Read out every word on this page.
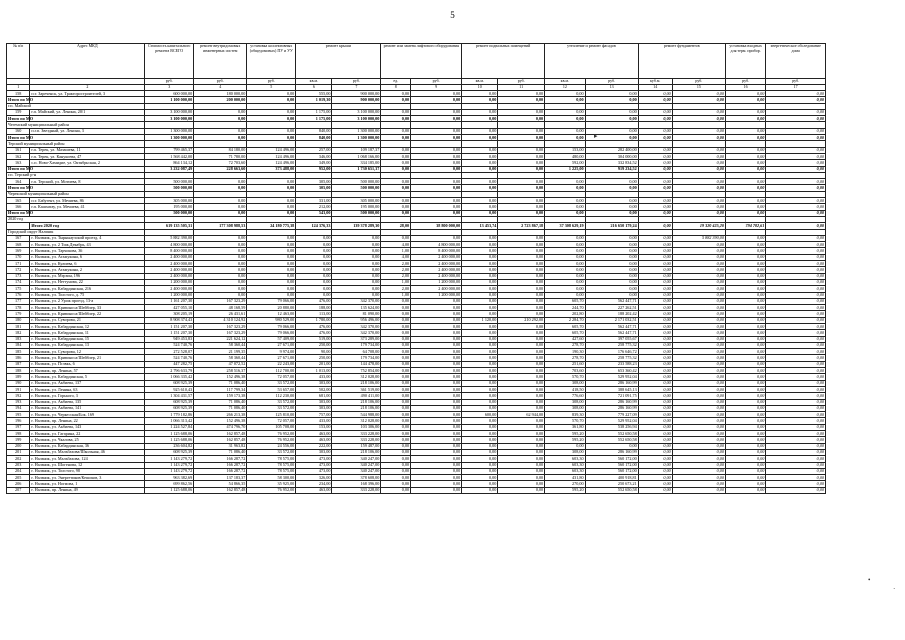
5
№ п/п	Адрес МКД	Стоимость капитального ремонта ВСЕГО	ремонт внутридомовых инженерных систем	установка коллективных (общедомовых) ПУ и УУ	ремонт крыши		ремонт или замена лифтового оборудования		ремонт подвальных помещений		утепление и ремонт фасадов		ремонт фундаментов		установка входных для терм. прибор.	энергетическое обследование дома
		руб.	руб.	руб.	кв.м.	руб.	ед.	руб.	кв.м.	руб.	кв.м.	руб.	куб.м.	руб.	руб.	руб.
1	2	3	4	5	6	7	8	9	10	11	12	13	14	15	16	17
158	п.т. Зареченск, ул. Тракторостроителей, 3	600 000,00	180 000,00	0,00	555,00	900 000,00	0,00	0,00	0,00	0,00	0,00	0,00	0,00	0,00	0,00	0,00
Итого по МО		1 100 000,00	200 000,00	0,00	1 019,30	900 000,00	0,00	0,00	0,00	0,00	0,00	0,00	0,00	0,00	0,00	0,00
г.п. Майский																
159	г.п. Майский, ул. Ленина, 20/1	3 100 000,00	0,00	0,00	1 175,00	3 100 000,00	0,00	0,00	0,00	0,00	0,00	0,00	0,00	0,00	0,00	0,00
Итого по МО		3 100 000,00	0,00	0,00	1 175,00	3 100 000,00	0,00	0,00	0,00	0,00	0,00	0,00	0,00	0,00	0,00	0,00
Чегемский муниципальный район																
160	п.г.п. Звездный, ул. Ленина, 3	1 300 000,00	0,00	0,00	840,00	1 300 000,00	0,00	0,00	0,00	0,00	0,00	0,00	0,00	0,00	0,00	0,00
Итого по МО		1 300 000,00	0,00	0,00	840,00	1 300 000,00	0,00	0,00	0,00	0,00	0,00	0,00	0,00	0,00	0,00	0,00
Терский муниципальный район																
161	г.п. Терек, ул. Мазашева, 11	799 465,37	84 180,00	124 496,00	257,00	109 187,37	0,00	0,00	0,00	0,00	153,00	282 400,00	0,00	0,00	0,00	0,00
162	г.п. Терек, ул. Канукоева, 47	1 568 442,00	71 780,00	124 496,00	346,00	1 068 166,00	0,00	0,00	0,00	0,00	480,00	304 000,00	0,00	0,00	0,00	0,00
163	с.п. Ново-Хамидие, ул. Октябрьская, 2	864 134,12	72 703,60	124 496,00	349,00	334 185,00	0,00	0,00	0,00	0,00	592,00	332 834,52	0,00	0,00	0,00	0,00
Итого по МО		3 232 087,49	228 663,60	373 488,00	952,00	1 730 651,37	0,00	0,00	0,00	0,00	1 225,00	919 234,52	0,00	0,00	0,00	0,00
г.п. Терский р-н																
164	г.п. Терский, ул. Мотиева, 8	500 000,00	0,00	0,00	305,00	500 000,00	0,00	0,00	0,00	0,00	0,00	0,00	0,00	0,00	0,00	0,00
Итого по МО		500 000,00	0,00	0,00	305,00	500 000,00	0,00	0,00	0,00	0,00	0,00	0,00	0,00	0,00	0,00	0,00
Черекский муниципальный район																
165	п.т. Бабугент, ул. Мечиева, 86	305 000,00	0,00	0,00	331,00	305 000,00	0,00	0,00	0,00	0,00	0,00	0,00	0,00	0,00	0,00	0,00
166	г.п. Кашхатау, ул. Мечиева, 41	195 000,00	0,00	0,00	212,00	195 000,00	0,00	0,00	0,00	0,00	0,00	0,00	0,00	0,00	0,00	0,00
Итого по МО		500 000,00	0,00	0,00	543,00	500 000,00	0,00	0,00	0,00	0,00	0,00	0,00	0,00	0,00	0,00	0,00
2020 год																
	Итого 2020 год	619 135 505,31	177 308 988,53	24 180 775,38	124 376,33	139 378 289,30	28,00	38 800 000,00	13 453,74	2 723 867,18	37 308 629,19	216 650 179,24	0,00	19 320 425,20	794 782,61	0,00
Городской округ Нальчик																
167	г. Нальчик, ул. Тырныаузский проезд, 4	5 882 390,00	0,00	0,00	0,00	0,00	0,00	0,00	0,00	0,00	0,00	0,00	0,00	5 882 390,00	0,00	0,00
168	г. Нальчик, ул. 2 Тиж.Декабрь, 43	4 800 000,00	0,00	0,00	0,00	0,00	4,00	4 800 000,00	0,00	0,00	0,00	0,00	0,00	0,00	0,00	0,00
169	г. Нальчик, ул. Тарчокова, 36	8 400 000,00	0,00	0,00	0,00	0,00	1,00	8 400 000,00	0,00	0,00	0,00	0,00	0,00	0,00	0,00	0,00
170	г. Нальчик, ул. Атажукина, 6	2 400 000,00	0,00	0,00	0,00	0,00	4,00	2 400 000,00	0,00	0,00	0,00	0,00	0,00	0,00	0,00	0,00
171	г. Нальчик, ул. Кулиева, 6	2 400 000,00	0,00	0,00	0,00	0,00	2,00	2 400 000,00	0,00	0,00	0,00	0,00	0,00	0,00	0,00	0,00
172	г. Нальчик, ул. Атажукина, 2	2 400 000,00	0,00	0,00	0,00	0,00	2,00	2 400 000,00	0,00	0,00	0,00	0,00	0,00	0,00	0,00	0,00
173	г. Нальчик, ул. Мэрзин, 196	2 400 000,00	0,00	0,00	0,00	0,00	2,00	2 400 000,00	0,00	0,00	0,00	0,00	0,00	0,00	0,00	0,00
174	г. Нальчик, ул. Неттунова, 22	1 200 000,00	0,00	0,00	0,00	0,00	1,00	1 200 000,00	0,00	0,00	0,00	0,00	0,00	0,00	0,00	0,00
175	г. Нальчик, ул. Кабардинская, 216	2 400 000,00	0,00	0,00	0,00	0,00	2,00	2 400 000,00	0,00	0,00	0,00	0,00	0,00	0,00	0,00	0,00
176	г. Нальчик, ул. Толстого, д. 75	1 200 000,00	0,00	0,00	0,00	0,00	1,00	1 200 000,00	0,00	0,00	0,00	0,00	0,00	0,00	0,00	0,00
177	г. Нальчик, ул. 2 Урож проезд, 13-а	1 161 207,30	167 323,29	79 066,00	476,00	342 370,00	0,00	0,00	0,00	0,00	605,70	562 447,71	0,00	0,00	0,00	0,00
178	г. Нальчик, ул. Кривоноса/Шейблер, 33	427 055,10	48 168,59	20 880,00	188,00	135 624,00	0,00	0,00	0,00	0,00	244,70	227 262,51	0,00	0,00	0,00	0,00
179	г. Нальчик, ул. Кривоноса/Шейблер, 22	308 205,19	26 431,61	12 463,00	113,00	81 090,00	0,00	0,00	0,00	0,00	202,80	188 202,42	0,00	0,00	0,00	0,00
180	г. Нальчик, ул. Суворова, 21	8 908 374,43	4 310 124,92	980 529,00	1 780,00	956 496,00	0,00	0,00	1 120,00	210 292,00	2 284,70	2 171 032,51	0,00	0,00	0,00	0,00
181	г. Нальчик, ул. Кабардинская, 12	1 151 207,30	167 323,29	79 066,00	476,00	342 370,00	0,00	0,00	0,00	0,00	605,70	562 447,71	0,00	0,00	0,00	0,00
182	г. Нальчик, ул. Кабардинская, 11	1 151 207,30	167 323,29	79 066,00	476,00	342 370,00	0,00	0,00	0,00	0,00	605,70	562 447,71	0,00	0,00	0,00	0,00
183	г. Нальчик, ул. Кабардинская, 15	949 453,83	221 624,12	57 409,00	519,00	373 289,00	0,00	0,00	0,00	0,00	427,60	397 055,67	0,00	0,00	0,00	0,00
184	г. Нальчик, ул. Кабардинская, 13	524 740,76	58 360,44	27 671,00	250,00	179 734,00	0,00	0,00	0,00	0,00	278,70	258 775,32	0,00	0,00	0,00	0,00
185	г. Нальчик, ул. Суворова, 12	272 528,07	21 199,35	9 974,00	90,00	64 708,00	0,00	0,00	0,00	0,00	190,30	176 646,72	0,00	0,00	0,00	0,00
186	г. Нальчик, ул. Кривоноса/Шейблер, 21	524 740,76	58 360,44	27 671,00	250,00	179 734,00	0,00	0,00	0,00	0,00	278,70	258 775,32	0,00	0,00	0,00	0,00
187	г. Нальчик, ул. Псэвкь, 6	447 282,75	47 072,52	22 243,00	201,00	144 478,00	0,00	0,00	0,00	0,00	251,60	233 588,23	0,00	0,00	0,00	0,00
188	г. Нальчик, пр. Ленина, 57	2 796 633,79	258 516,37	112 700,00	1 013,00	752 854,00	0,00	0,00	0,00	0,00	703,60	653 360,42	0,00	0,00	0,00	0,00
189	г. Нальчик, ул. Кабардинская, 5	1 066 335,42	152 496,38	72 057,00	433,00	312 028,00	0,00	0,00	0,00	0,00	570,70	529 952,04	0,00	0,00	0,00	0,00
190	г. Нальчик, ул. Акбиева, 137	608 925,39	71 086,40	33 572,00	303,00	218 106,00	0,00	0,00	0,00	0,00	308,00	286 160,99	0,00	0,00	0,00	0,00
191	г. Нальчик, ул. Ленина, 63	925 610,43	117 799,34	53 657,00	502,00	361 519,00	0,00	0,00	0,00	0,00	418,50	388 645,13	0,00	0,00	0,00	0,00
192	г. Нальчик, ул. Горького, 3	1 304 431,57	159 173,38	112 230,00	681,00	490 411,00	0,00	0,00	0,00	0,00	776,60	721 091,75	0,00	0,00	0,00	0,00
193	г. Нальчик, ул. Акбиева, 135	608 925,39	71 086,40	33 572,00	303,00	218 106,00	0,00	0,00	0,00	0,00	308,00	286 160,99	0,00	0,00	0,00	0,00
194	г. Нальчик, ул. Акбиева, 141	608 925,39	71 086,40	33 572,00	303,00	218 106,00	0,00	0,00	0,00	0,00	308,00	286 160,99	0,00	0,00	0,00	0,00
195	г. Нальчик, ул. Черкесская/Бок. 169	1 779 182,86	266 213,38	125 810,00	757,00	544 988,00	0,00	0,00	600,00	62 944,00	839,30	779 227,09	0,00	0,00	0,00	0,00
196	г. Нальчик, пр. Ленина, 22	1 066 313,42	152 496,38	72 057,00	433,00	312 028,00	0,00	0,00	0,00	0,00	570,70	529 952,04	0,00	0,00	0,00	0,00
197	г. Нальчик, ул. Акбиева, 143	1 224 527,84	474 796,70	105 708,00	153,00	103 306,00	0,00	0,00	0,00	0,00	361,80	538 256,94	0,00	0,00	0,00	0,00
198	г. Нальчик, ул. Гагарина, 22	1 125 688,06	162 857,48	76 952,00	463,00	333 228,00	0,00	0,00	0,00	0,00	595,20	552 650,58	0,00	0,00	0,00	0,00
199	г. Нальчик, ул. Чкалова, 25	1 125 688,06	162 857,48	76 952,00	463,00	333 228,00	0,00	0,00	0,00	0,00	595,20	552 650,58	0,00	0,00	0,00	0,00
200	г. Нальчик, ул. Кабардинская, 36	236 604,82	31 963,82	24 556,00	222,00	159 487,00	0,00	0,00	0,00	0,00	0,00	0,00	0,00	0,00	0,00	0,00
201	г. Нальчик, ул. Мальбахова/Школьная, 46	608 925,39	71 086,40	33 572,00	303,00	218 106,00	0,00	0,00	0,00	0,00	308,00	286 160,99	0,00	0,00	0,00	0,00
202	г. Нальчик, ул. Мальбахова, 124	1 143 279,72	166 287,72	78 575,00	473,00	340 247,00	0,00	0,00	0,00	0,00	603,30	560 172,00	0,00	0,00	0,00	0,00
203	г. Нальчик, ул. Шогенова, 12	1 143 279,72	166 287,72	78 575,00	473,00	340 247,00	0,00	0,00	0,00	0,00	603,30	560 172,00	0,00	0,00	0,00	0,00
204	г. Нальчик, ул. Толстого, 98	1 143 279,72	166 287,72	78 575,00	473,00	340 247,00	0,00	0,00	0,00	0,00	603,30	560 172,00	0,00	0,00	0,00	0,00
205	г. Нальчик, ул. Энергетиков/Кешоков, 3	963 382,69	137 183,37	58 300,00	326,00	378 608,00	0,00	0,00	0,00	0,00	431,80	400 918,81	0,00	0,00	0,00	0,00
206	г. Нальчик, ул. Ногмова, 1	699 862,56	54 866,35	35 925,00	234,00	168 396,00	0,00	0,00	0,00	0,00	270,00	250 673,21	0,00	0,00	0,00	0,00
207	г. Нальчик, пр. Ленина, 49	1 125 688,06	162 857,48	76 952,00	463,00	333 228,00	0,00	0,00	0,00	0,00	595,20	552 650,58	0,00	0,00	0,00	0,00
▸
•
·
